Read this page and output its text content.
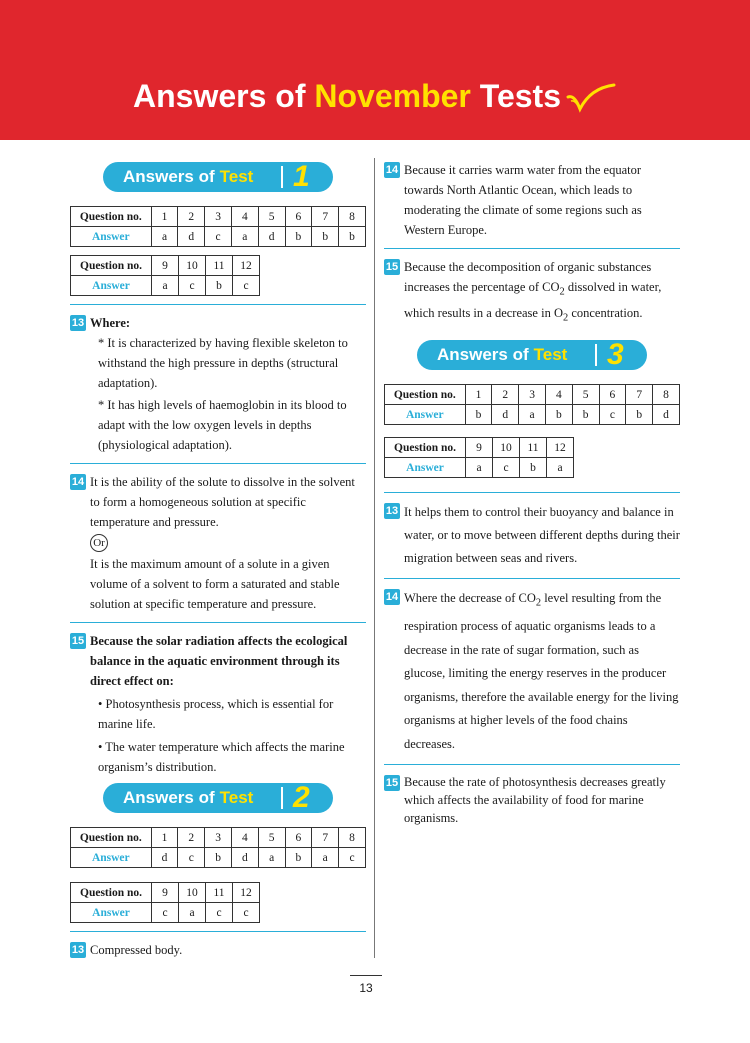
Answers of November Tests
Answers of Test 1
Question no.	1	2	3	4	5	6	7	8
Answer	a	d	c	a	d	b	b	b
Question no.	9	10	11	12
Answer	a	c	b	c
13 Where:
* It is characterized by having flexible skeleton to withstand the high pressure in depths (structural adaptation).
* It has high levels of haemoglobin in its blood to adapt with the low oxygen levels in depths (physiological adaptation).
14 It is the ability of the solute to dissolve in the solvent to form a homogeneous solution at specific temperature and pressure.
Or
It is the maximum amount of a solute in a given volume of a solvent to form a saturated and stable solution at specific temperature and pressure.
15 Because the solar radiation affects the ecological balance in the aquatic environment through its direct effect on:
• Photosynthesis process, which is essential for marine life.
• The water temperature which affects the marine organism’s distribution.
Answers of Test 2
Question no.	1	2	3	4	5	6	7	8
Answer	d	c	b	d	a	b	a	c
Question no.	9	10	11	12
Answer	c	a	c	c
13 Compressed body.
14 Because it carries warm water from the equator towards North Atlantic Ocean, which leads to moderating the climate of some regions such as Western Europe.
15 Because the decomposition of organic substances increases the percentage of $CO_2$ dissolved in water, which results in a decrease in $O_2$ concentration.
Answers of Test 3
Question no.	1	2	3	4	5	6	7	8
Answer	b	d	a	b	b	c	b	d
Question no.	9	10	11	12
Answer	a	c	b	a
13 It helps them to control their buoyancy and balance in water, or to move between different depths during their migration between seas and rivers.
14 Where the decrease of $CO_2$ level resulting from the respiration process of aquatic organisms leads to a decrease in the rate of sugar formation, such as glucose, limiting the energy reserves in the producer organisms, therefore the available energy for the living organisms at higher levels of the food chains decreases.
15 Because the rate of photosynthesis decreases greatly which affects the availability of food for marine organisms.
13
